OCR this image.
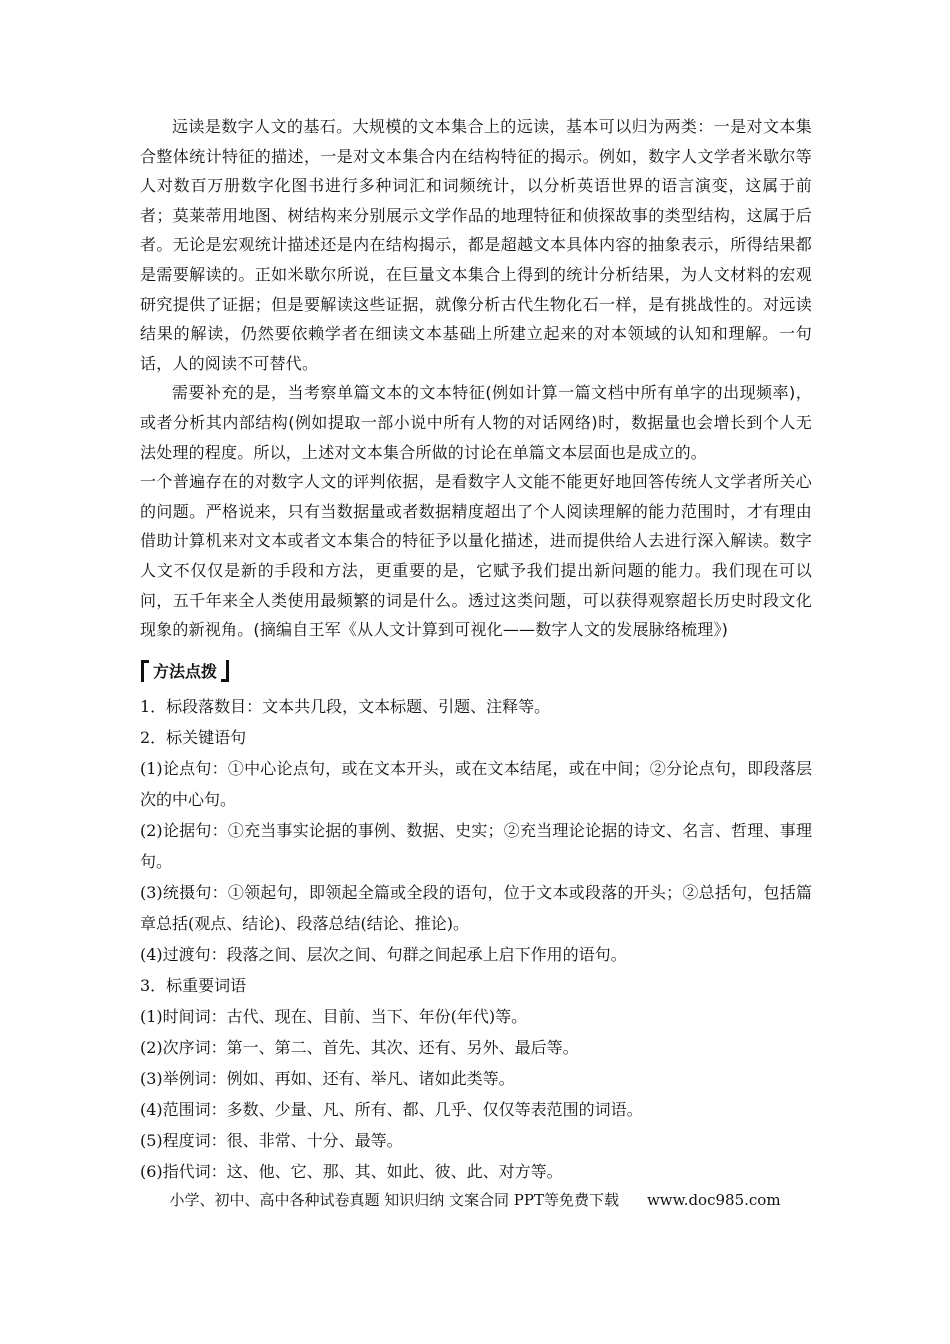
远读是数字人文的基石。大规模的文本集合上的远读，基本可以归为两类：一是对文本集合整体统计特征的描述，一是对文本集合内在结构特征的揭示。例如，数字人文学者米歇尔等人对数百万册数字化图书进行多种词汇和词频统计，以分析英语世界的语言演变，这属于前者；莫莱蒂用地图、树结构来分别展示文学作品的地理特征和侦探故事的类型结构，这属于后者。无论是宏观统计描述还是内在结构揭示，都是超越文本具体内容的抽象表示，所得结果都是需要解读的。正如米歇尔所说，在巨量文本集合上得到的统计分析结果，为人文材料的宏观研究提供了证据；但是要解读这些证据，就像分析古代生物化石一样，是有挑战性的。对远读结果的解读，仍然要依赖学者在细读文本基础上所建立起来的对本领域的认知和理解。一句话，人的阅读不可替代。

需要补充的是，当考察单篇文本的文本特征(例如计算一篇文档中所有单字的出现频率)，或者分析其内部结构(例如提取一部小说中所有人物的对话网络)时，数据量也会增长到个人无法处理的程度。所以，上述对文本集合所做的讨论在单篇文本层面也是成立的。

一个普遍存在的对数字人文的评判依据，是看数字人文能不能更好地回答传统人文学者所关心的问题。严格说来，只有当数据量或者数据精度超出了个人阅读理解的能力范围时，才有理由借助计算机来对文本或者文本集合的特征予以量化描述，进而提供给人去进行深入解读。数字人文不仅仅是新的手段和方法，更重要的是，它赋予我们提出新问题的能力。我们现在可以问，五千年来全人类使用最频繁的词是什么。透过这类问题，可以获得观察超长历史时段文化现象的新视角。(摘编自王军《从人文计算到可视化——数字人文的发展脉络梳理》)

方法点拨

1．标段落数目：文本共几段，文本标题、引题、注释等。

2．标关键语句

(1)论点句：①中心论点句，或在文本开头，或在文本结尾，或在中间；②分论点句，即段落层次的中心句。

(2)论据句：①充当事实论据的事例、数据、史实；②充当理论论据的诗文、名言、哲理、事理句。

(3)统摄句：①领起句，即领起全篇或全段的语句，位于文本或段落的开头；②总括句，包括篇章总括(观点、结论)、段落总结(结论、推论)。

(4)过渡句：段落之间、层次之间、句群之间起承上启下作用的语句。

3．标重要词语

(1)时间词：古代、现在、目前、当下、年份(年代)等。

(2)次序词：第一、第二、首先、其次、还有、另外、最后等。

(3)举例词：例如、再如、还有、举凡、诸如此类等。

(4)范围词：多数、少量、凡、所有、都、几乎、仅仅等表范围的词语。

(5)程度词：很、非常、十分、最等。

(6)指代词：这、他、它、那、其、如此、彼、此、对方等。

小学、初中、高中各种试卷真题 知识归纳 文案合同 PPT等免费下载 www.doc985.com
